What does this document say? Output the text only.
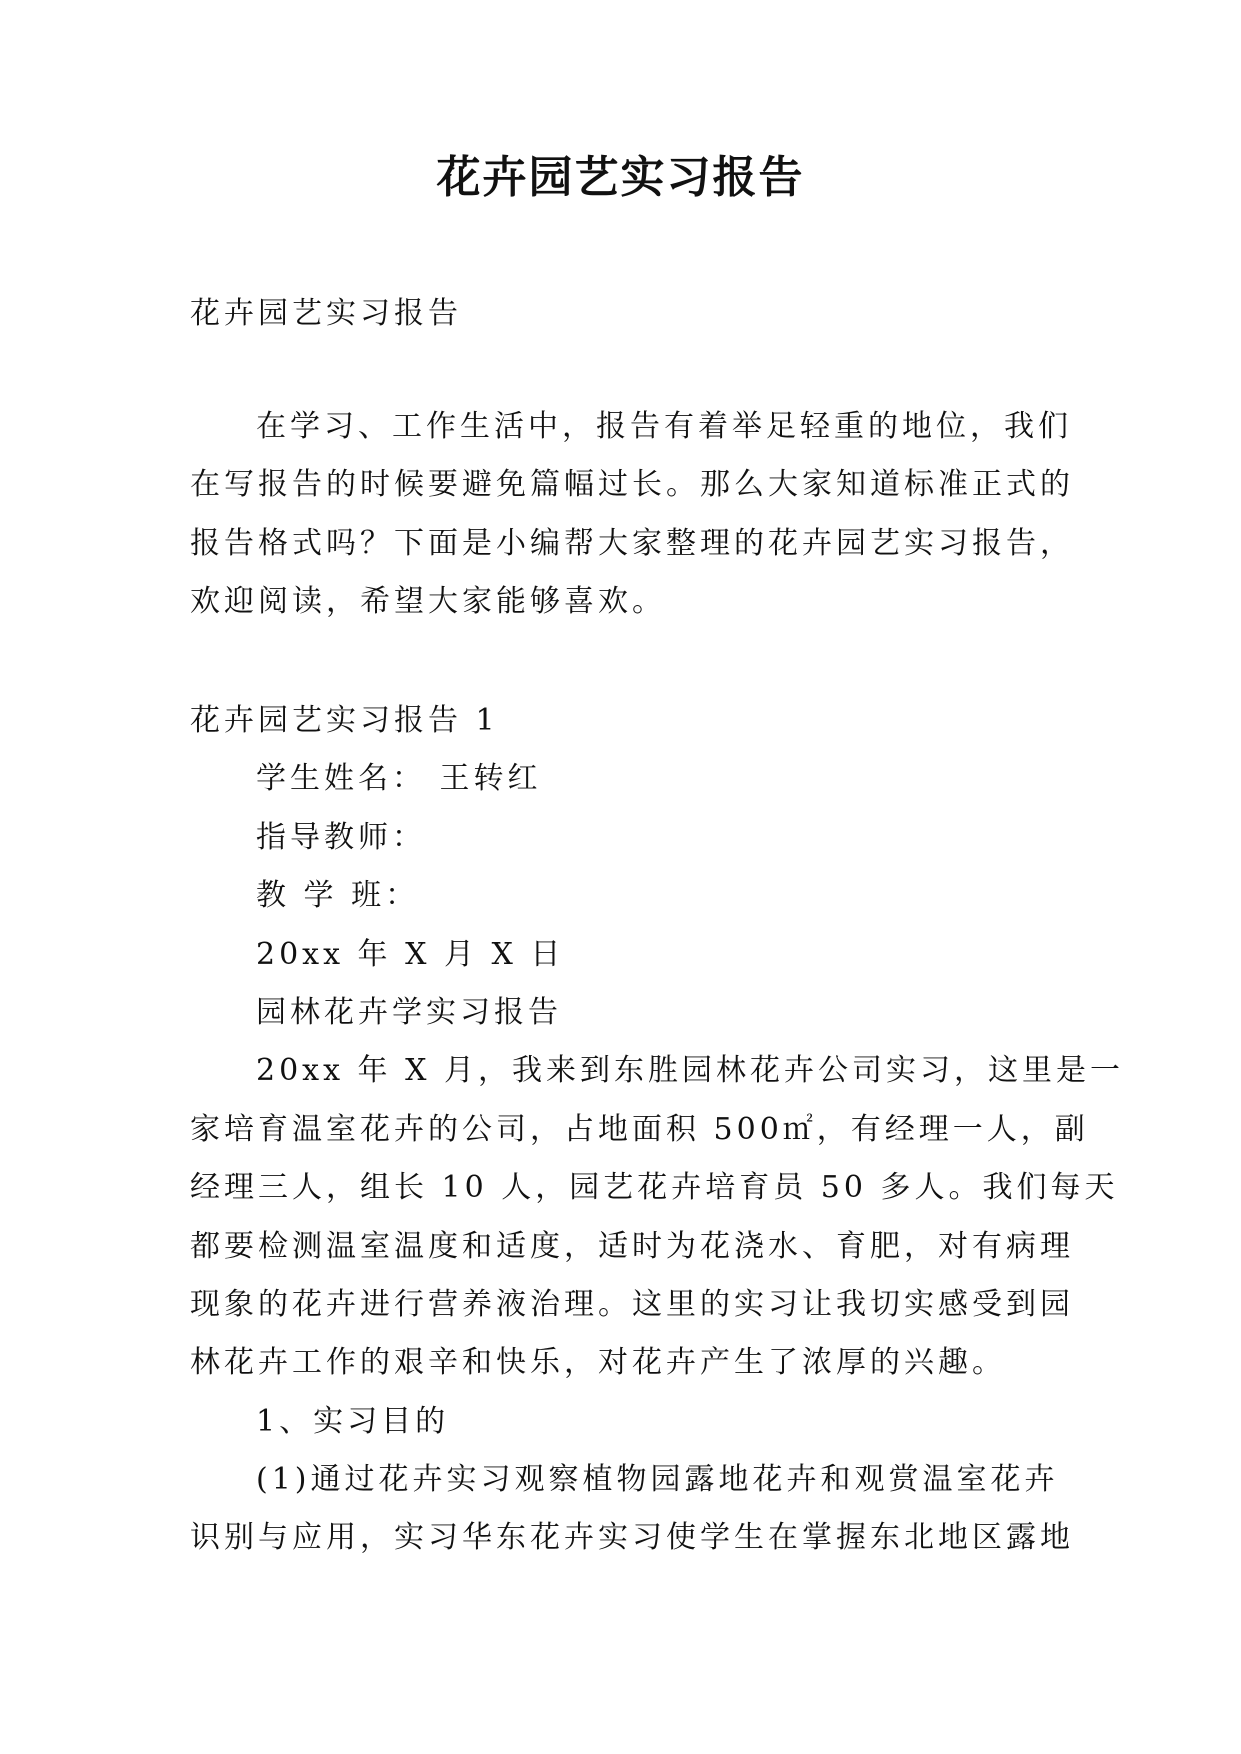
花卉园艺实习报告
花卉园艺实习报告
在学习、工作生活中，报告有着举足轻重的地位，我们
在写报告的时候要避免篇幅过长。那么大家知道标准正式的
报告格式吗？下面是小编帮大家整理的花卉园艺实习报告，
欢迎阅读，希望大家能够喜欢。
花卉园艺实习报告 1
学生姓名： 王转红
指导教师：
教 学 班：
20xx 年 X 月 X 日
园林花卉学实习报告
20xx 年 X 月，我来到东胜园林花卉公司实习，这里是一
家培育温室花卉的公司，占地面积 500㎡，有经理一人，副
经理三人，组长 10 人，园艺花卉培育员 50 多人。我们每天
都要检测温室温度和适度，适时为花浇水、育肥，对有病理
现象的花卉进行营养液治理。这里的实习让我切实感受到园
林花卉工作的艰辛和快乐，对花卉产生了浓厚的兴趣。
1、实习目的
(1)通过花卉实习观察植物园露地花卉和观赏温室花卉
识别与应用，实习华东花卉实习使学生在掌握东北地区露地
